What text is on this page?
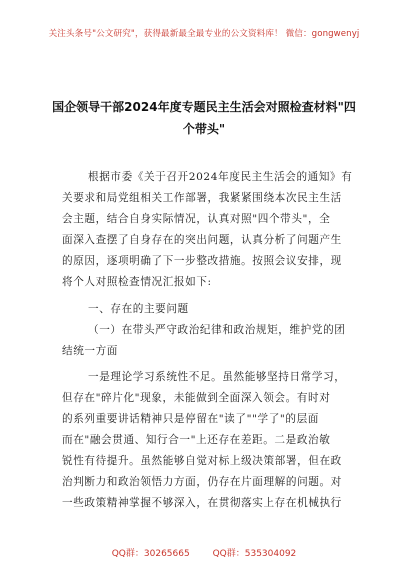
关注头条号"公文研究"，获得最新最全最专业的公文资料库！ 微信：gongwenyj
国企领导干部2024年度专题民主生活会对照检查材料"四
个带头"
根据市委《关于召开2024年度民主生活会的通知》有
关要求和局党组相关工作部署，我紧紧围绕本次民主生活
会主题，结合自身实际情况，认真对照"四个带头"，全
面深入查摆了自身存在的突出问题，认真分析了问题产生
的原因，逐项明确了下一步整改措施。按照会议安排，现
将个人对照检查情况汇报如下:
一、存在的主要问题
（一）在带头严守政治纪律和政治规矩，维护党的团
结统一方面
一是理论学习系统性不足。虽然能够坚持日常学习，
但存在"碎片化"现象，未能做到全面深入领会。有时对
的系列重要讲话精神只是停留在"读了""学了"的层面
而在"融会贯通、知行合一"上还存在差距。二是政治敏
锐性有待提升。虽然能够自觉对标上级决策部署，但在政
治判断力和政治领悟力方面，仍存在片面理解的问题。对
一些政策精神掌握不够深入，在贯彻落实上存在机械执行
QQ群：30265665	QQ群：535304092
